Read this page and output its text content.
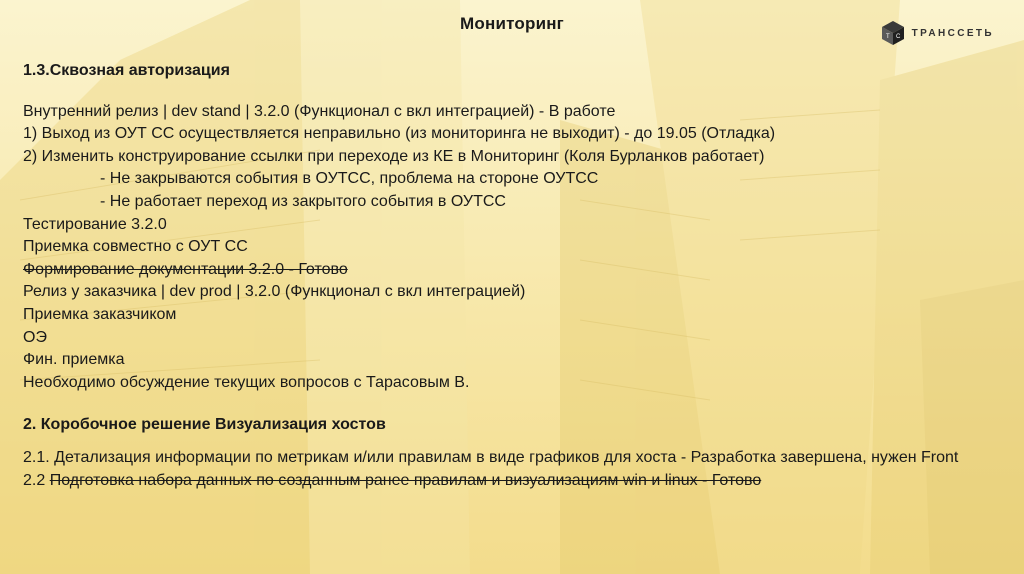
Мониторинг
T C ТРАНССЕТЬ
1.3.Сквозная авторизация
Внутренний релиз | dev stand | 3.2.0 (Функционал с вкл интеграцией) - В работе
1) Выход из ОУТ СС осуществляется неправильно (из мониторинга не выходит) - до 19.05 (Отладка)
2) Изменить конструирование ссылки при переходе из КЕ в Мониторинг (Коля Бурланков работает)
- Не закрываются события в ОУТСС, проблема на стороне ОУТСС
- Не работает переход из закрытого события в ОУТСС
Тестирование 3.2.0
Приемка совместно с ОУТ СС
Формирование документации 3.2.0 - Готово
Релиз у заказчика | dev prod | 3.2.0 (Функционал с вкл интеграцией)
Приемка заказчиком
ОЭ
Фин. приемка
Необходимо обсуждение текущих вопросов с Тарасовым В.
2. Коробочное решение Визуализация хостов
2.1. Детализация информации по метрикам и/или правилам в виде графиков для хоста - Разработка завершена, нужен Front
2.2 Подготовка набора данных по созданным ранее правилам и визуализациям win и linux - Готово
